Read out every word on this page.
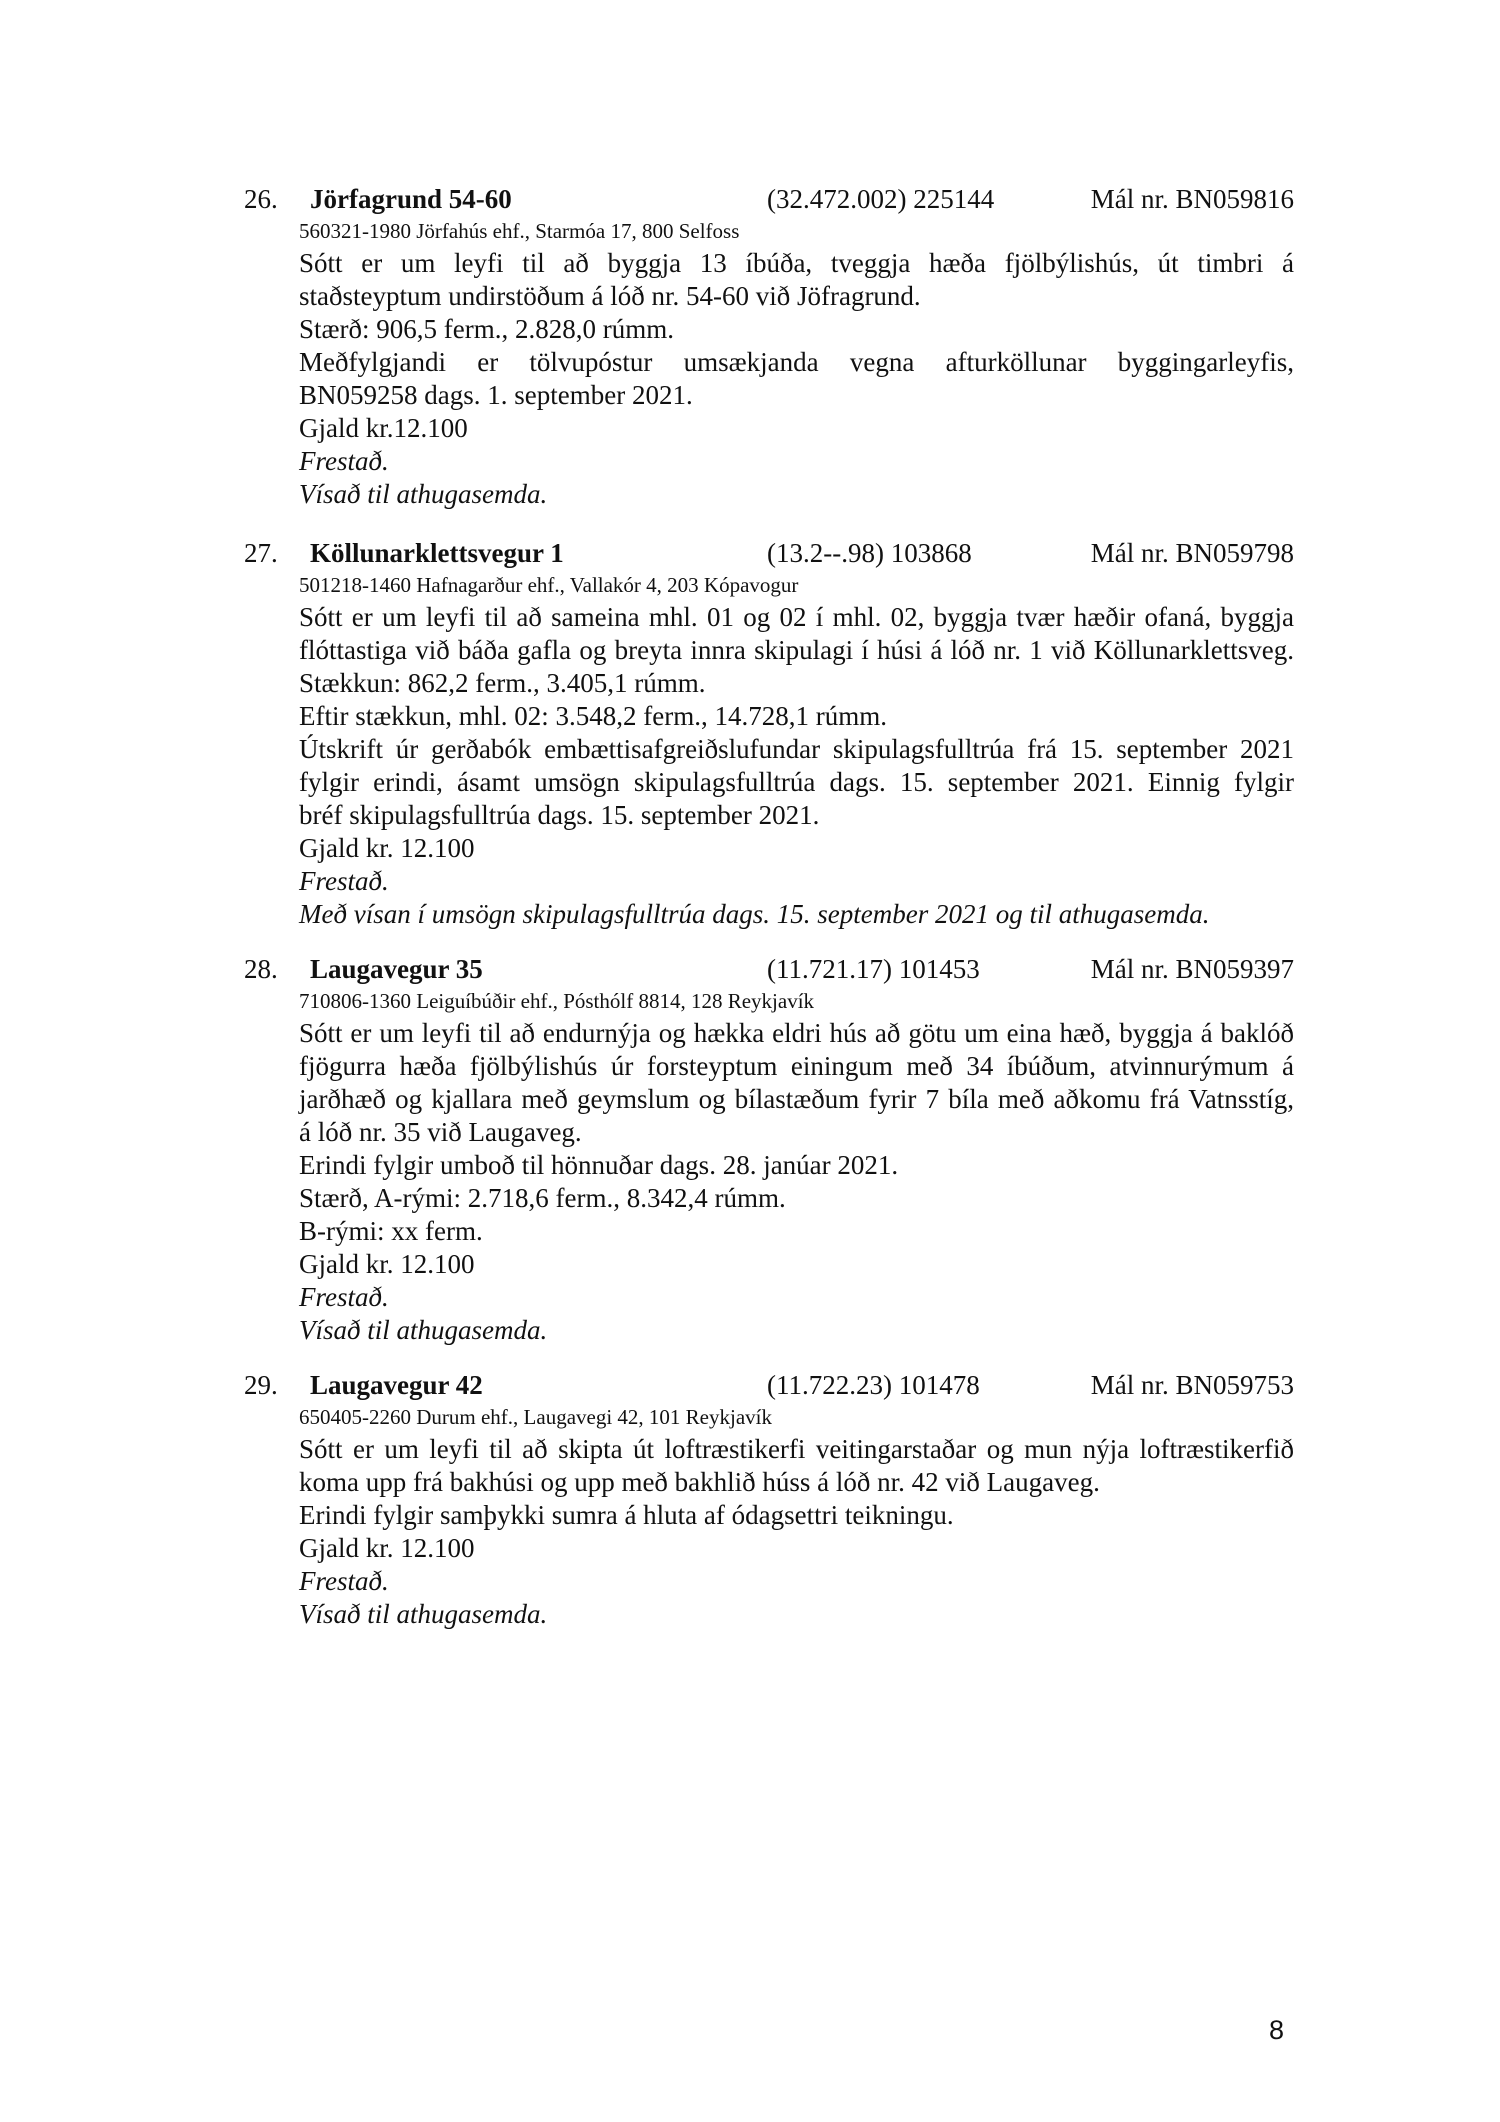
26. Jörfagrund 54-60	(32.472.002) 225144	Mál nr. BN059816
560321-1980 Jörfahús ehf., Starmóa 17, 800 Selfoss
Sótt er um leyfi til að byggja 13 íbúða, tveggja hæða fjölbýlishús, út timbri á
staðsteyptum undirstöðum á lóð nr. 54-60 við Jöfragrund.
Stærð: 906,5 ferm., 2.828,0 rúmm.
Meðfylgjandi er tölvupóstur umsækjanda vegna afturköllunar byggingarleyfis,
BN059258 dags. 1. september 2021.
Gjald kr.12.100
Frestað.
Vísað til athugasemda.
27. Köllunarklettsvegur 1	(13.2--.98) 103868	Mál nr. BN059798
501218-1460 Hafnagarður ehf., Vallakór 4, 203 Kópavogur
Sótt er um leyfi til að sameina mhl. 01 og 02 í mhl. 02, byggja tvær hæðir ofaná, byggja
flóttastiga við báða gafla og breyta innra skipulagi í húsi á lóð nr. 1 við Köllunarklettsveg.
Stækkun: 862,2 ferm., 3.405,1 rúmm.
Eftir stækkun, mhl. 02: 3.548,2 ferm., 14.728,1 rúmm.
Útskrift úr gerðabók embættisafgreiðslufundar skipulagsfulltrúa frá 15. september 2021
fylgir erindi, ásamt umsögn skipulagsfulltrúa dags. 15. september 2021. Einnig fylgir
bréf skipulagsfulltrúa dags. 15. september 2021.
Gjald kr. 12.100
Frestað.
Með vísan í umsögn skipulagsfulltrúa dags. 15. september 2021 og til athugasemda.
28. Laugavegur 35	(11.721.17) 101453	Mál nr. BN059397
710806-1360 Leiguíbúðir ehf., Pósthólf 8814, 128 Reykjavík
Sótt er um leyfi til að endurnýja og hækka eldri hús að götu um eina hæð, byggja á baklóð
fjögurra hæða fjölbýlishús úr forsteyptum einingum með 34 íbúðum, atvinnurýmum á
jarðhæð og kjallara með geymslum og bílastæðum fyrir 7 bíla með aðkomu frá Vatnsstíg,
á lóð nr. 35 við Laugaveg.
Erindi fylgir umboð til hönnuðar dags. 28. janúar 2021.
Stærð, A-rými: 2.718,6 ferm., 8.342,4 rúmm.
B-rými: xx ferm.
Gjald kr. 12.100
Frestað.
Vísað til athugasemda.
29. Laugavegur 42	(11.722.23) 101478	Mál nr. BN059753
650405-2260 Durum ehf., Laugavegi 42, 101 Reykjavík
Sótt er um leyfi til að skipta út loftræstikerfi veitingarstaðar og mun nýja loftræstikerfið
koma upp frá bakhúsi og upp með bakhlið húss á lóð nr. 42 við Laugaveg.
Erindi fylgir samþykki sumra á hluta af ódagsettri teikningu.
Gjald kr. 12.100
Frestað.
Vísað til athugasemda.
8
